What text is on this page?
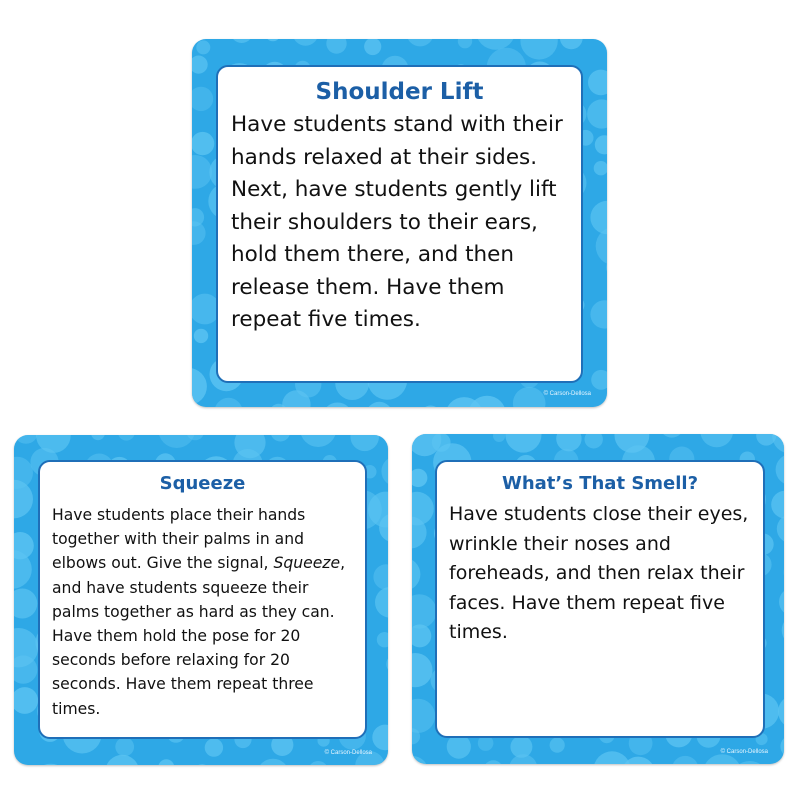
Shoulder Lift

Have students stand with their hands relaxed at their sides. Next, have students gently lift their shoulders to their ears, hold them there, and then release them. Have them repeat five times.

© Carson-Dellosa

Squeeze

Have students place their hands together with their palms in and elbows out. Give the signal, Squeeze, and have students squeeze their palms together as hard as they can. Have them hold the pose for 20 seconds before relaxing for 20 seconds. Have them repeat three times.

© Carson-Dellosa

What’s That Smell?

Have students close their eyes, wrinkle their noses and foreheads, and then relax their faces. Have them repeat five times.

© Carson-Dellosa
